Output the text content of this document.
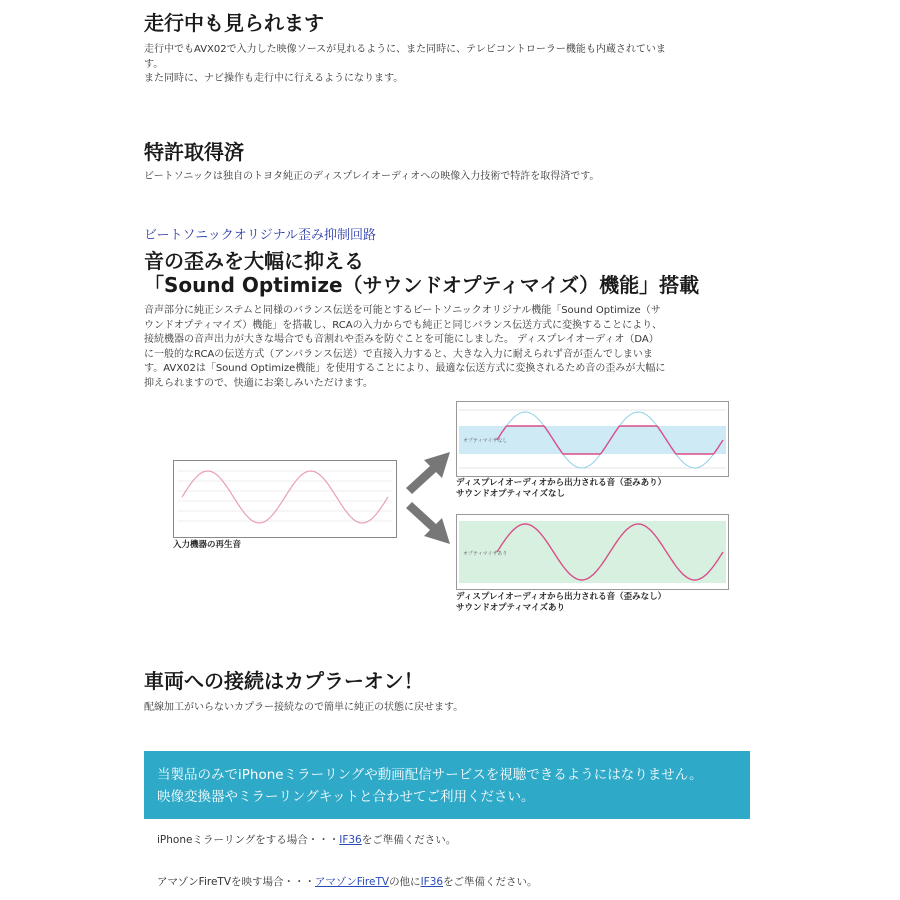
走行中も見られます

走行中でもAVX02で入力した映像ソースが見れるように、また同時に、テレビコントローラー機能も内蔵されていま

す。

また同時に、ナビ操作も走行中に行えるようになります。

特許取得済

ビートソニックは独自のトヨタ純正のディスプレイオーディオへの映像入力技術で特許を取得済です。

ビートソニックオリジナル歪み抑制回路
音の歪みを大幅に抑える
「Sound Optimize（サウンドオプティマイズ）機能」搭載

音声部分に純正システムと同様のバランス伝送を可能とするビートソニックオリジナル機能「Sound Optimize（サ

ウンドオプティマイズ）機能」を搭載し、RCAの入力からでも純正と同じバランス伝送方式に変換することにより、

接続機器の音声出力が大きな場合でも音割れや歪みを防ぐことを可能にしました。 ディスプレイオーディオ（DA）

に一般的なRCAの伝送方式（アンバランス伝送）で直接入力すると、大きな入力に耐えられず音が歪んでしまいま

す。AVX02は「Sound Optimize機能」を使用することにより、最適な伝送方式に変換されるため音の歪みが大幅に

抑えられますので、快適にお楽しみいただけます。

入力機器の再生音
オプティマイザなし
ディスプレイオーディオから出力される音（歪みあり）
サウンドオプティマイズなし
オプティマイザあり
ディスプレイオーディオから出力される音（歪みなし）
サウンドオプティマイズあり
車両への接続はカプラーオン！

配線加工がいらないカプラー接続なので簡単に純正の状態に戻せます。

当製品のみでiPhoneミラーリングや動画配信サービスを視聴できるようにはなりません。
映像変換器やミラーリングキットと合わせてご利用ください。
iPhoneミラーリングをする場合・・・IF36をご準備ください。
アマゾンFireTVを映す場合・・・アマゾンFireTVの他にIF36をご準備ください。
